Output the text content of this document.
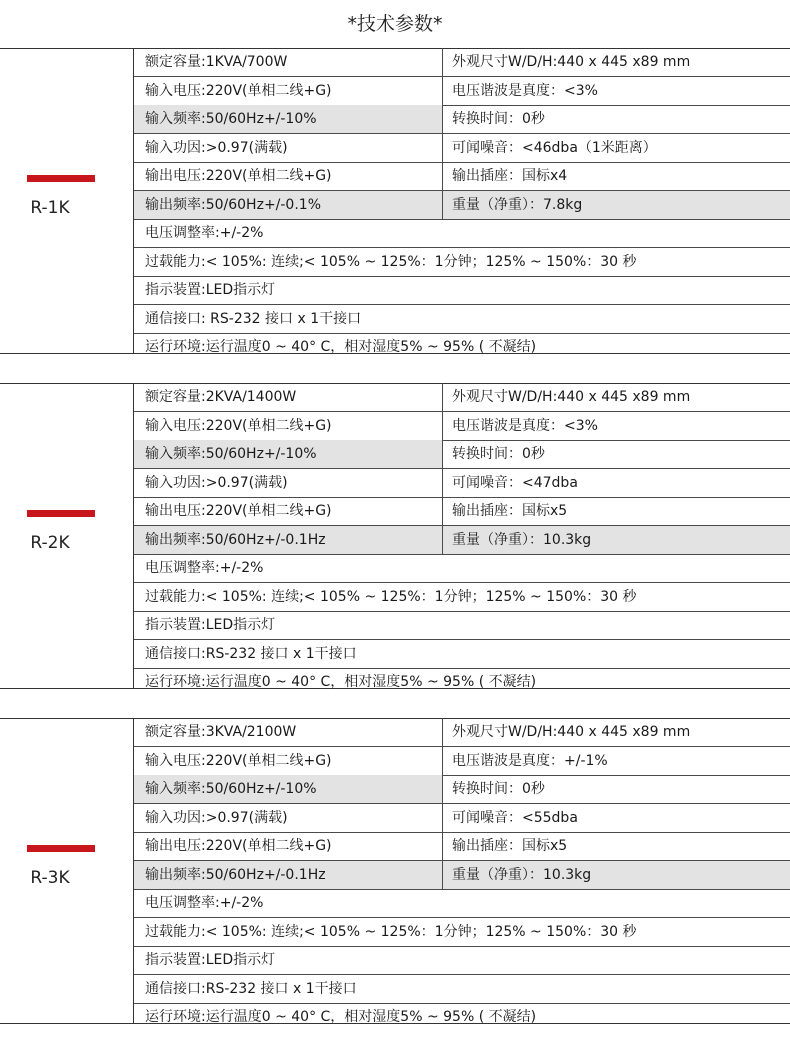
*技术参数*
R-1K
额定容量:1KVA/700W	外观尺寸W/D/H:440 x 445 x89 mm
输入电压:220V(单相二线+G)	电压谐波是真度：<3%
输入频率:50/60Hz+/-10%	转换时间：0秒
输入功因:>0.97(满载)	可闻噪音：<46dba（1米距离）
输出电压:220V(单相二线+G)	输出插座：国标x4
输出频率:50/60Hz+/-0.1%	重量（净重）：7.8kg
电压调整率:+/-2%
过载能力:< 105%: 连续;< 105% ~ 125%：1分钟；125% ~ 150%：30 秒
指示装置:LED指示灯
通信接口: RS-232 接口 x 1干接口
运行环境:运行温度0 ~ 40° C，相对湿度5% ~ 95% ( 不凝结)
R-2K
额定容量:2KVA/1400W	外观尺寸W/D/H:440 x 445 x89 mm
输入电压:220V(单相二线+G)	电压谐波是真度：<3%
输入频率:50/60Hz+/-10%	转换时间：0秒
输入功因:>0.97(满载)	可闻噪音：<47dba
输出电压:220V(单相二线+G)	输出插座：国标x5
输出频率:50/60Hz+/-0.1Hz	重量（净重）：10.3kg
电压调整率:+/-2%
过载能力:< 105%: 连续;< 105% ~ 125%：1分钟；125% ~ 150%：30 秒
指示装置:LED指示灯
通信接口:RS-232 接口 x 1干接口
运行环境:运行温度0 ~ 40° C，相对湿度5% ~ 95% ( 不凝结)
R-3K
额定容量:3KVA/2100W	外观尺寸W/D/H:440 x 445 x89 mm
输入电压:220V(单相二线+G)	电压谐波是真度：+/-1%
输入频率:50/60Hz+/-10%	转换时间：0秒
输入功因:>0.97(满载)	可闻噪音：<55dba
输出电压:220V(单相二线+G)	输出插座：国标x5
输出频率:50/60Hz+/-0.1Hz	重量（净重）：10.3kg
电压调整率:+/-2%
过载能力:< 105%: 连续;< 105% ~ 125%：1分钟；125% ~ 150%：30 秒
指示装置:LED指示灯
通信接口:RS-232 接口 x 1干接口
运行环境:运行温度0 ~ 40° C，相对湿度5% ~ 95% ( 不凝结)
